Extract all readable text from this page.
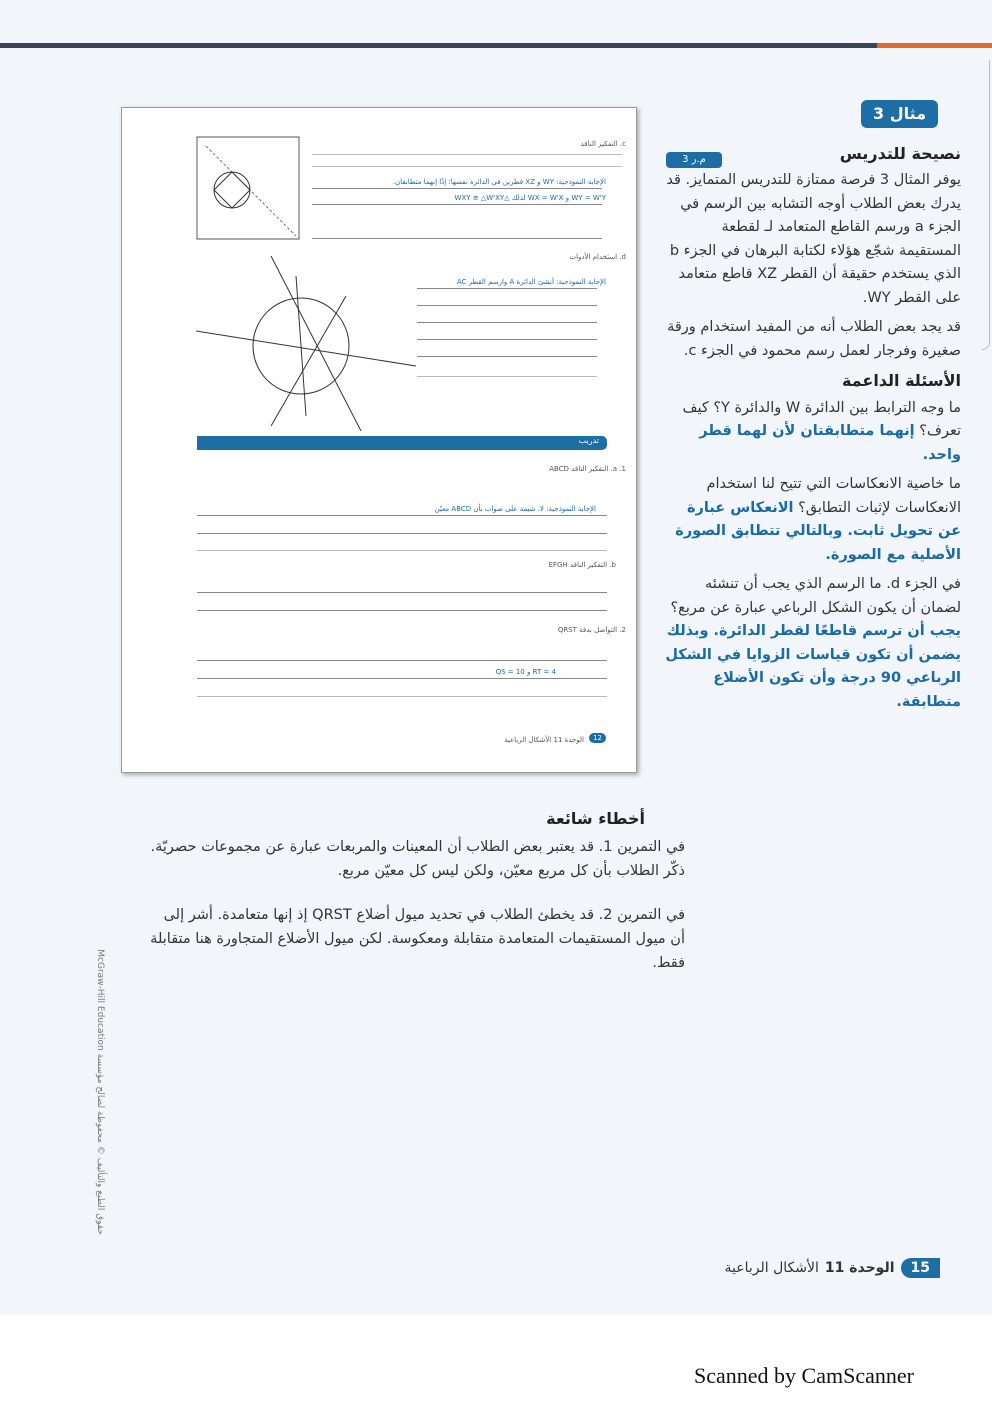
c. التفكير الناقد
الإجابة النموذجية: WY و XZ قطرين في الدائرة نفسها؛ إذًا إنهما متطابقان.
WY = W'Y و WX = W'X لذلك △WXY ≅ △W'XY
d. استخدام الأدوات
الإجابة النموذجية: أنشئ الدائرة A وارسم القطر AC
تدريب
1. a. التفكير الناقد ABCD
الإجابة النموذجية: لا. شيمة على صواب بأن ABCD معيّن
b. التفكير الناقد EFGH
2. التواصل بدقة QRST
RT = 4 و QS = 10
الوحدة 11 الأشكال الرباعية	12
م.ر 3
مثال 3
نصيحة للتدريس

يوفر المثال 3 فرصة ممتازة للتدريس المتمايز. قد يدرك بعض الطلاب أوجه التشابه بين الرسم في الجزء a ورسم القاطع المتعامد لـ لقطعة المستقيمة شجّع هؤلاء لكتابة البرهان في الجزء b الذي يستخدم حقيقة أن القطر XZ قاطع متعامد على القطر WY.

قد يجد بعض الطلاب أنه من المفيد استخدام ورقة صغيرة وفرجار لعمل رسم محمود في الجزء c.

الأسئلة الداعمة

ما وجه الترابط بين الدائرة W والدائرة Y؟ كيف تعرف؟ إنهما متطابقتان لأن لهما قطر واحد.

ما خاصية الانعكاسات التي تتيح لنا استخدام الانعكاسات لإثبات التطابق؟ الانعكاس عبارة عن تحويل ثابت. وبالتالي تتطابق الصورة الأصلية مع الصورة.

في الجزء d. ما الرسم الذي يجب أن تنشئه لضمان أن يكون الشكل الرباعي عبارة عن مربع؟ يجب أن ترسم قاطعًا لقطر الدائرة. وبذلك يضمن أن تكون قياسات الزوايا في الشكل الرباعي 90 درجة وأن تكون الأضلاع متطابقة.

أخطاء شائعة

في التمرين 1. قد يعتبر بعض الطلاب أن المعينات والمربعات عبارة عن مجموعات حصريّة. ذكّر الطلاب بأن كل مربع معيّن، ولكن ليس كل معيّن مربع.

في التمرين 2. قد يخطئ الطلاب في تحديد ميول أضلاع QRST إذ إنها متعامدة. أشر إلى أن ميول المستقيمات المتعامدة متقابلة ومعكوسة. لكن ميول الأضلاع المتجاورة هنا متقابلة فقط.

حقوق الطبع والتأليف © محفوظة لصالح مؤسسة McGraw-Hill Education
15
الوحدة 11
الأشكال الرباعية
Scanned by CamScanner
